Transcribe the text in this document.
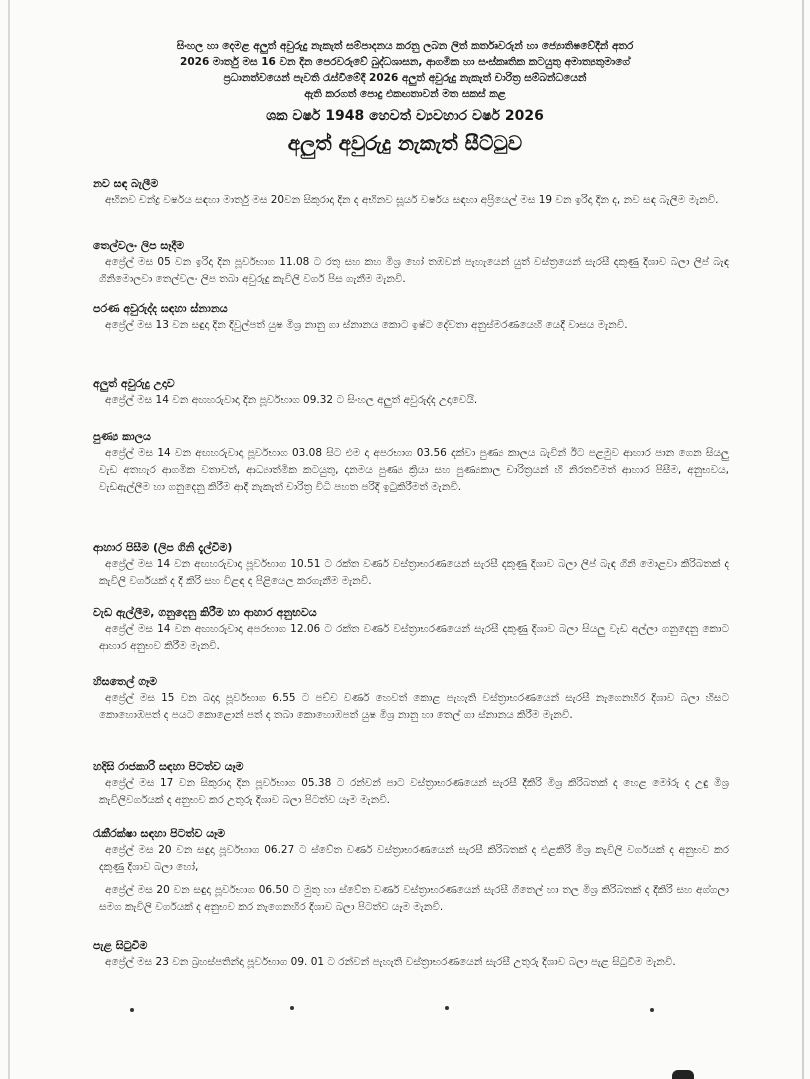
සිංහල හා දෙමළ අලුත් අවුරුදු නැකැත් සම්පාදනය කරනු ලබන ලිත් කර්තෘවරුන් හා ජ්‍යොතිෂවේදීන් අතර
2026 මාර්තු මස 16 වන දින පෙරවරුවේ බුද්ධශාසන, ආගමික හා සංස්කෘතික කටයුතු අමාත්‍යතුමාගේ
ප්‍රධානත්වයෙන් පැවති රැස්වීමේදී 2026 අලුත් අවුරුදු නැකැත් චාරිත්‍ර සම්බන්ධයෙන්
ඇති කරගත් පොදු එකඟතාවන් මත සකස් කළ
ශක වර්ෂ 1948 හෙවත් ව්‍යවහාර වර්ෂ 2026
අලුත් අවුරුදු නැකැත් සීට්ටුව
නව සඳ බැලීම
අභිනව චන්ද්‍ර වර්ෂය සඳහා මාර්තු මස 20වන සිකුරාදා දින ද අභිනව සූර්ය වර්ෂය සඳහා අප්‍රියෙල් මස 19 වන ඉරිදා දින ද, නව සඳ බැලීම මැනවි.
තෙල්වලං ලිප සෑදීම
අප්‍රේල් මස 05 වන ඉරිදා දින පූර්වභාග 11.08 ට රතු සහ කහ මිශ්‍ර හෝ තඹවන් පැහැයෙන් යුත් වස්ත්‍රයෙන් සැරසී දකුණු දිශාව බලා ලිප් බැඳ ගිනිමොලවා තෙල්වලං ලිප තබා අවුරුදු කැවිලි වර්ග පිස ගැනීම මැනවි.
පරණ අවුරුද්ද සඳහා ස්නානය
අප්‍රේල් මස 13 වන සඳුදා දින දිවුල්පත් යුෂ මිශ්‍ර නානු ගා ස්නානය කොට ඉෂ්ට දේවතා අනුස්මරණයෙහි යෙදී වාසය මැනවි.
අලුත් අවුරුදු උදාව
අප්‍රේල් මස 14 වන අඟහරුවාදා දින පූර්වභාග 09.32 ට සිංහල අලුත් අවුරුද්ද උදාවෙයි.
පුණ්‍ය කාලය
අප්‍රේල් මස 14 වන අඟහරුවාදා පූර්වභාග 03.08 සිට එම දා අපරභාග 03.56 දක්වා පුණ්‍ය කාලය බැවින් ඊට පළමුව ආහාර පාන ගෙන සියලු වැඩ අතහැර ආගමික වතාවත්, ආධ්‍යාත්මික කටයුතු, දානමය පුණ්‍ය ක්‍රියා සහ පුණ්‍යකාල චාරිත්‍රයන් හි නිරතවීමත් ආහාර පිසීම, අනුභවය, වැඩඇල්ලීම හා ගනුදෙනු කිරීම ආදී නැකැත් චාරිත්‍ර විධි පහත පරිදි ඉටුකිරීමත් මැනවි.
ආහාර පිසීම (ලිප ගිනි දැල්වීම)
අප්‍රේල් මස 14 වන අඟහරුවාදා පූර්වභාග 10.51 ට රක්ත වර්ණ වස්ත්‍රාභරණයෙන් සැරසී දකුණු දිශාව බලා ලිප් බැඳ ගිනි මොළවා කිරිබතක් ද කැවිලි වර්ගයක් ද දී කිරි සහ විළඳ ද පිළියෙල කරගැනීම මැනවි.
වැඩ ඇල්ලීම, ගනුදෙනු කිරීම හා ආහාර අනුභවය
අප්‍රේල් මස 14 වන අඟහරුවාදා අපරභාග 12.06 ට රක්ත වර්ණ වස්ත්‍රාභරණයෙන් සැරසී දකුණු දිශාව බලා සියලු වැඩ අල්ලා ගනුදෙනු කොට ආහාර අනුභව කිරීම මැනවි.
හිසතෙල් ගෑම
අප්‍රේල් මස 15 වන බදාදා පූර්වභාග 6.55 ට පච්ච වර්ණ හෙවත් කොළ පැහැති වස්ත්‍රාභරණයෙන් සැරසී නැගෙනහිර දිශාව බලා හිසට කොහොඹපත් ද පයට කොළොන් පත් ද තබා කොහොඹපත් යුෂ මිශ්‍ර නානු හා තෙල් ගා ස්නානය කිරීම මැනවි.
හදිසි රාජකාරි සඳහා පිටත්ව යෑම
අප්‍රේල් මස 17 වන සිකුරාදා දින පූර්වභාග 05.38 ට රන්වන් පාට වස්ත්‍රාභරණයෙන් සැරසී දීකිරි මිශ්‍ර කිරිබතක් ද හෙළ මෝරු ද උඳු මිශ්‍ර කැවිලිවර්ගයක් ද අනුභව කර උතුරු දිශාව බලා පිටත්ව යෑම මැනවි.
රැකීරක්ෂා සඳහා පිටත්ව යෑම
අප්‍රේල් මස 20 වන සඳුදා පූර්වභාග 06.27 ට ස්වේත වර්ණ වස්ත්‍රාභරණයෙන් සැරසී කිරිබතක් ද එළකිරි මිශ්‍ර කැවිලි වර්ගයක් ද අනුභව කර දකුණු දිශාව බලා හෝ,
අප්‍රේල් මස 20 වන සඳුදා පූර්වභාග 06.50 ට මුතු හා ස්වේත වර්ණ වස්ත්‍රාභරණයෙන් සැරසී ගිතෙල් හා තල මිශ්‍ර කිරිබතක් ද දීකිරි සහ අග්ගලා සමග කැවිලි වර්ගයක් ද අනුභව කර නැගෙනහිර දිශාව බලා පිටත්ව යෑම මැනවි.
පැළ සිටුවීම
අප්‍රේල් මස 23 වන බ්‍රහස්පතින්දා පූර්වභාග 09. 01 ට රන්වන් පැහැති වස්ත්‍රාභරණයෙන් සැරසී උතුරු දිශාව බලා පැළ සිටුවීම මැනවි.
